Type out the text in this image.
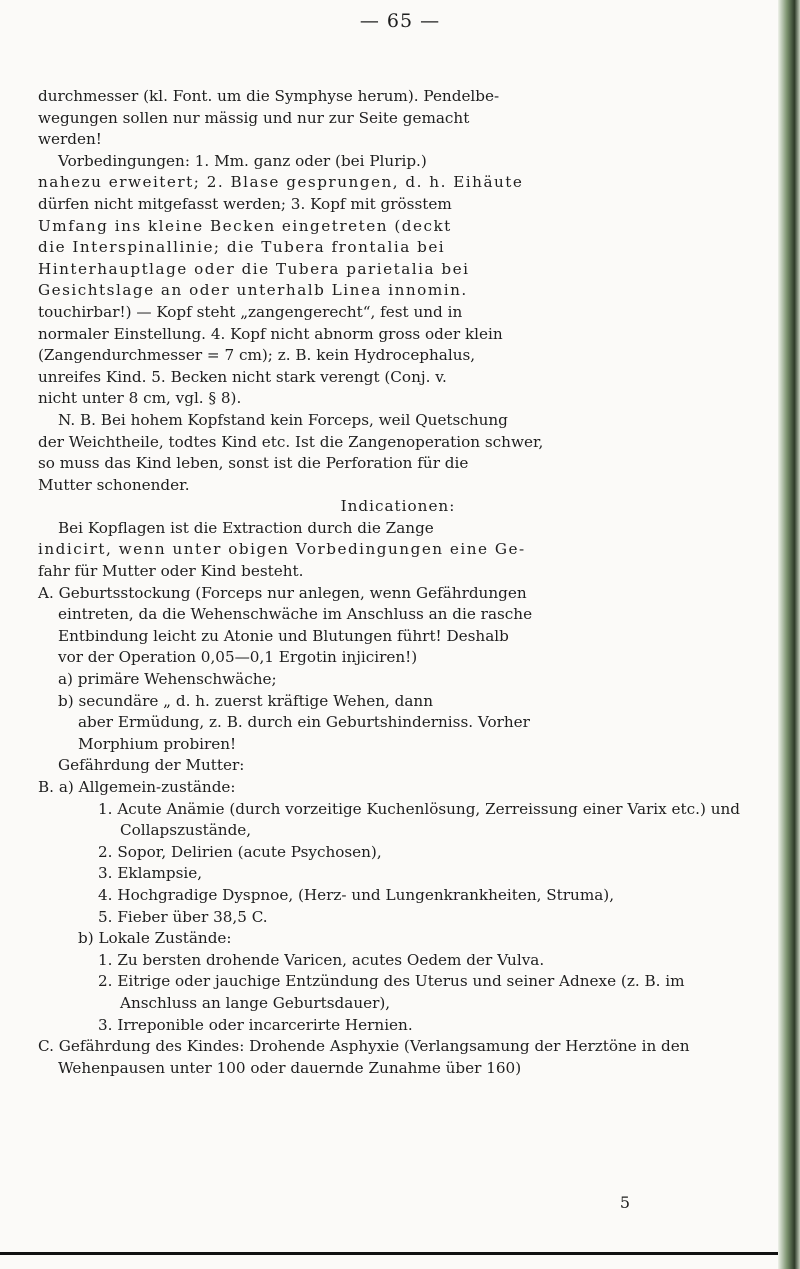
— 65 —

durchmesser (kl. Font. um die Symphyse herum). Pendelbe-

wegungen sollen nur mässig und nur zur Seite gemacht

werden!

Vorbedingungen: 1. Mm. ganz oder (bei Plurip.)

nahezu erweitert; 2. Blase gesprungen, d. h. Eihäute

dürfen nicht mitgefasst werden; 3. Kopf mit grösstem

Umfang ins kleine Becken eingetreten (deckt

die Interspinallinie; die Tubera frontalia bei

Hinterhauptlage oder die Tubera parietalia bei

Gesichtslage an oder unterhalb Linea innomin.

touchirbar!) — Kopf steht „zangengerecht“, fest und in

normaler Einstellung. 4. Kopf nicht abnorm gross oder klein

(Zangendurchmesser = 7 cm); z. B. kein Hydrocephalus,

unreifes Kind. 5. Becken nicht stark verengt (Conj. v.

nicht unter 8 cm, vgl. § 8).

N. B. Bei hohem Kopfstand kein Forceps, weil Quetschung

der Weichtheile, todtes Kind etc. Ist die Zangenoperation schwer,

so muss das Kind leben, sonst ist die Perforation für die

Mutter schonender.

Indicationen:

Bei Kopflagen ist die Extraction durch die Zange

indicirt, wenn unter obigen Vorbedingungen eine Ge-

fahr für Mutter oder Kind besteht.

A. Geburtsstockung (Forceps nur anlegen, wenn Gefährdungen

eintreten, da die Wehenschwäche im Anschluss an die rasche

Entbindung leicht zu Atonie und Blutungen führt! Deshalb

vor der Operation 0,05—0,1 Ergotin injiciren!)

a) primäre Wehenschwäche;

b) secundäre „ d. h. zuerst kräftige Wehen, dann

aber Ermüdung, z. B. durch ein Geburtshinderniss. Vorher

Morphium probiren!

Gefährdung der Mutter:

B. a) Allgemein-zustände:

1. Acute Anämie (durch vorzeitige Kuchenlösung, Zerreissung einer Varix etc.) und Collapszustände,

2. Sopor, Delirien (acute Psychosen),

3. Eklampsie,

4. Hochgradige Dyspnoe, (Herz- und Lungenkrankheiten, Struma),

5. Fieber über 38,5 C.

b) Lokale Zustände:

1. Zu bersten drohende Varicen, acutes Oedem der Vulva.

2. Eitrige oder jauchige Entzündung des Uterus und seiner Adnexe (z. B. im Anschluss an lange Geburtsdauer),

3. Irreponible oder incarcerirte Hernien.

C. Gefährdung des Kindes: Drohende Asphyxie (Verlangsamung der Herztöne in den Wehenpausen unter 100 oder dauernde Zunahme über 160)

5
